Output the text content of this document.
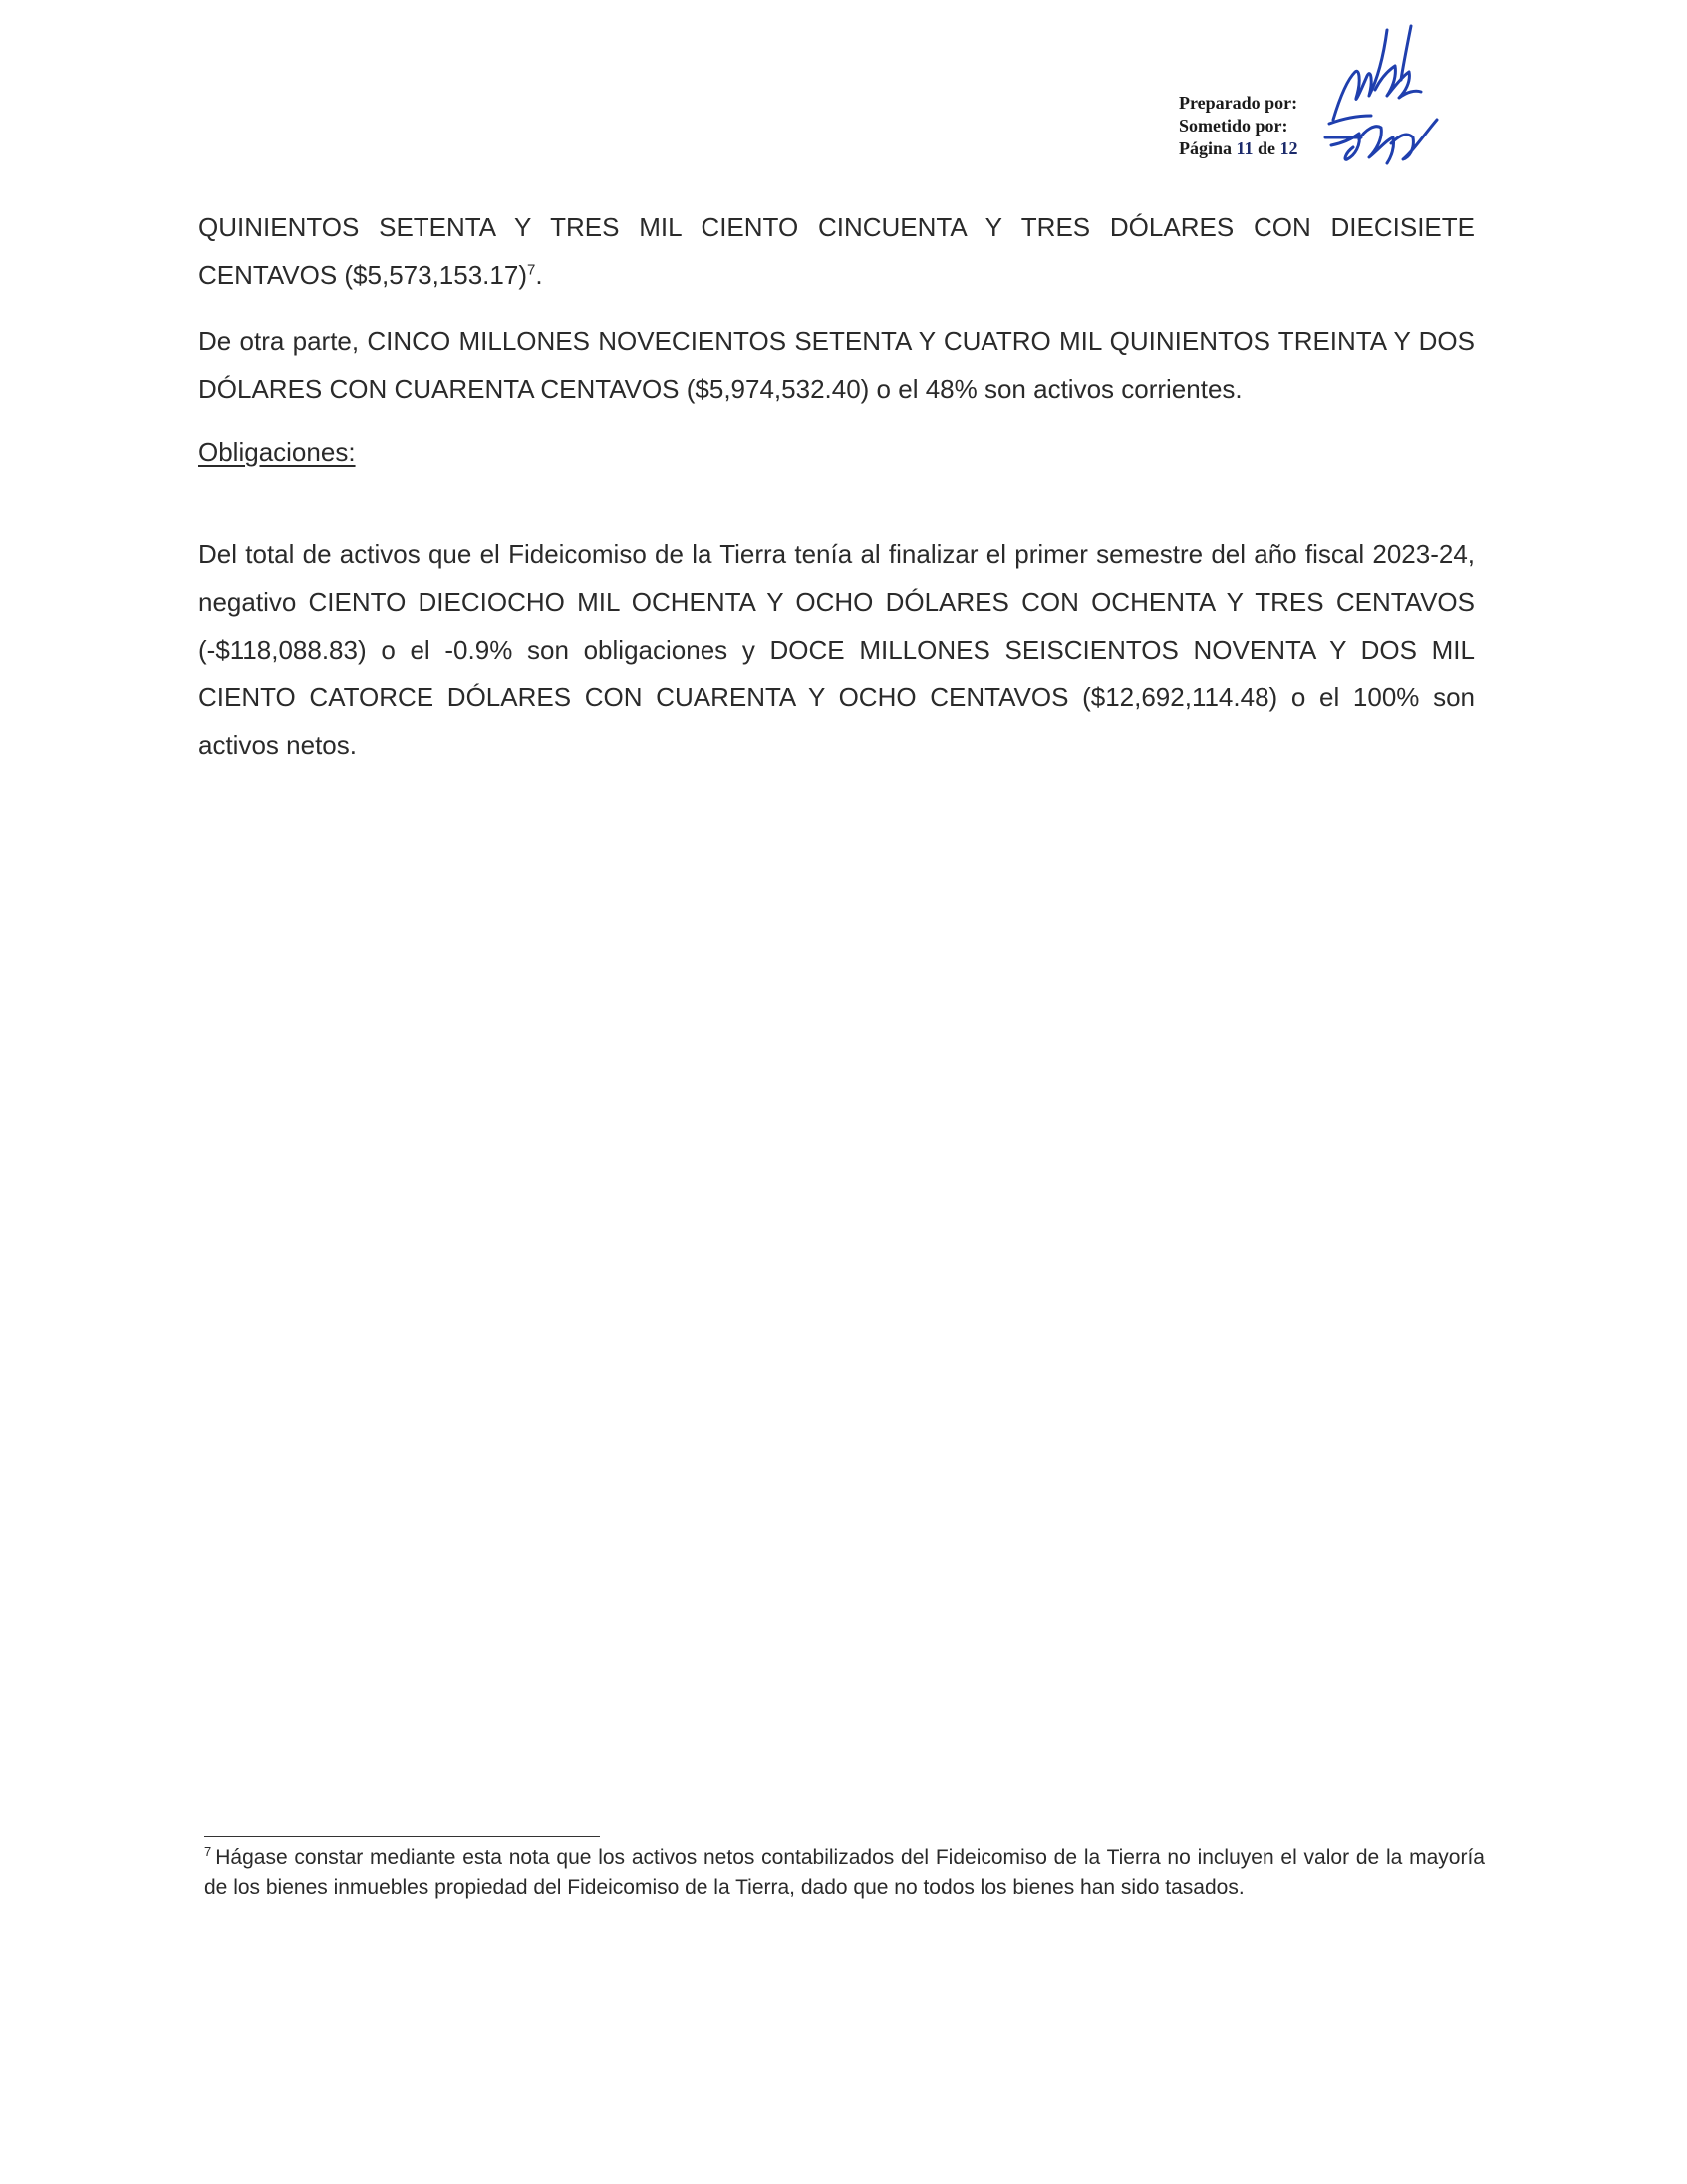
Preparado por:
Sometido por:
Página 11 de 12
QUINIENTOS SETENTA Y TRES MIL CIENTO CINCUENTA Y TRES DÓLARES CON DIECISIETE CENTAVOS ($5,573,153.17)$^7$.
De otra parte, CINCO MILLONES NOVECIENTOS SETENTA Y CUATRO MIL QUINIENTOS TREINTA Y DOS DÓLARES CON CUARENTA CENTAVOS ($5,974,532.40) o el 48% son activos corrientes.
Obligaciones:
Del total de activos que el Fideicomiso de la Tierra tenía al finalizar el primer semestre del año fiscal 2023-24, negativo CIENTO DIECIOCHO MIL OCHENTA Y OCHO DÓLARES CON OCHENTA Y TRES CENTAVOS (-$118,088.83) o el -0.9% son obligaciones y DOCE MILLONES SEISCIENTOS NOVENTA Y DOS MIL CIENTO CATORCE DÓLARES CON CUARENTA Y OCHO CENTAVOS ($12,692,114.48) o el 100% son activos netos.
$^7$ Hágase constar mediante esta nota que los activos netos contabilizados del Fideicomiso de la Tierra no incluyen el valor de la mayoría de los bienes inmuebles propiedad del Fideicomiso de la Tierra, dado que no todos los bienes han sido tasados.
